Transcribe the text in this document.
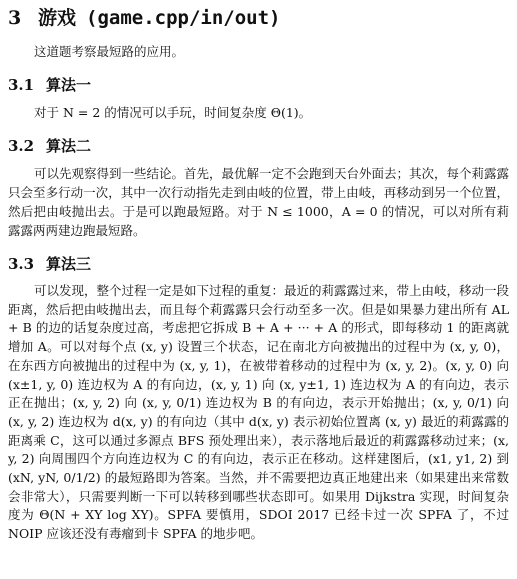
3 游戏 (game.cpp/in/out)

这道题考察最短路的应用。

3.1 算法一

对于 N = 2 的情况可以手玩，时间复杂度 Θ(1)。

3.2 算法二

可以先观察得到一些结论。首先，最优解一定不会跑到天台外面去；其次，每个莉露露只会至多行动一次，其中一次行动指先走到由岐的位置，带上由岐，再移动到另一个位置，然后把由岐抛出去。于是可以跑最短路。对于 N ≤ 1000，A = 0 的情况，可以对所有莉露露两两建边跑最短路。

3.3 算法三

可以发现，整个过程一定是如下过程的重复：最近的莉露露过来，带上由岐，移动一段距离，然后把由岐抛出去，而且每个莉露露只会行动至多一次。但是如果暴力建出所有 AL + B 的边的话复杂度过高，考虑把它拆成 B + A + ··· + A 的形式，即每移动 1 的距离就增加 A。可以对每个点 (x, y) 设置三个状态，记在南北方向被抛出的过程中为 (x, y, 0)，在东西方向被抛出的过程中为 (x, y, 1)，在被带着移动的过程中为 (x, y, 2)。(x, y, 0) 向 (x±1, y, 0) 连边权为 A 的有向边，(x, y, 1) 向 (x, y±1, 1) 连边权为 A 的有向边，表示正在抛出；(x, y, 2) 向 (x, y, 0/1) 连边权为 B 的有向边，表示开始抛出；(x, y, 0/1) 向 (x, y, 2) 连边权为 d(x, y) 的有向边（其中 d(x, y) 表示初始位置离 (x, y) 最近的莉露露的距离乘 C，这可以通过多源点 BFS 预处理出来），表示落地后最近的莉露露移动过来；(x, y, 2) 向周围四个方向连边权为 C 的有向边，表示正在移动。这样建图后，(x1, y1, 2) 到 (xN, yN, 0/1/2) 的最短路即为答案。当然，并不需要把边真正地建出来（如果建出来常数会非常大），只需要判断一下可以转移到哪些状态即可。如果用 Dijkstra 实现，时间复杂度为 Θ(N + XY log XY)。SPFA 要慎用，SDOI 2017 已经卡过一次 SPFA 了，不过 NOIP 应该还没有毒瘤到卡 SPFA 的地步吧。
